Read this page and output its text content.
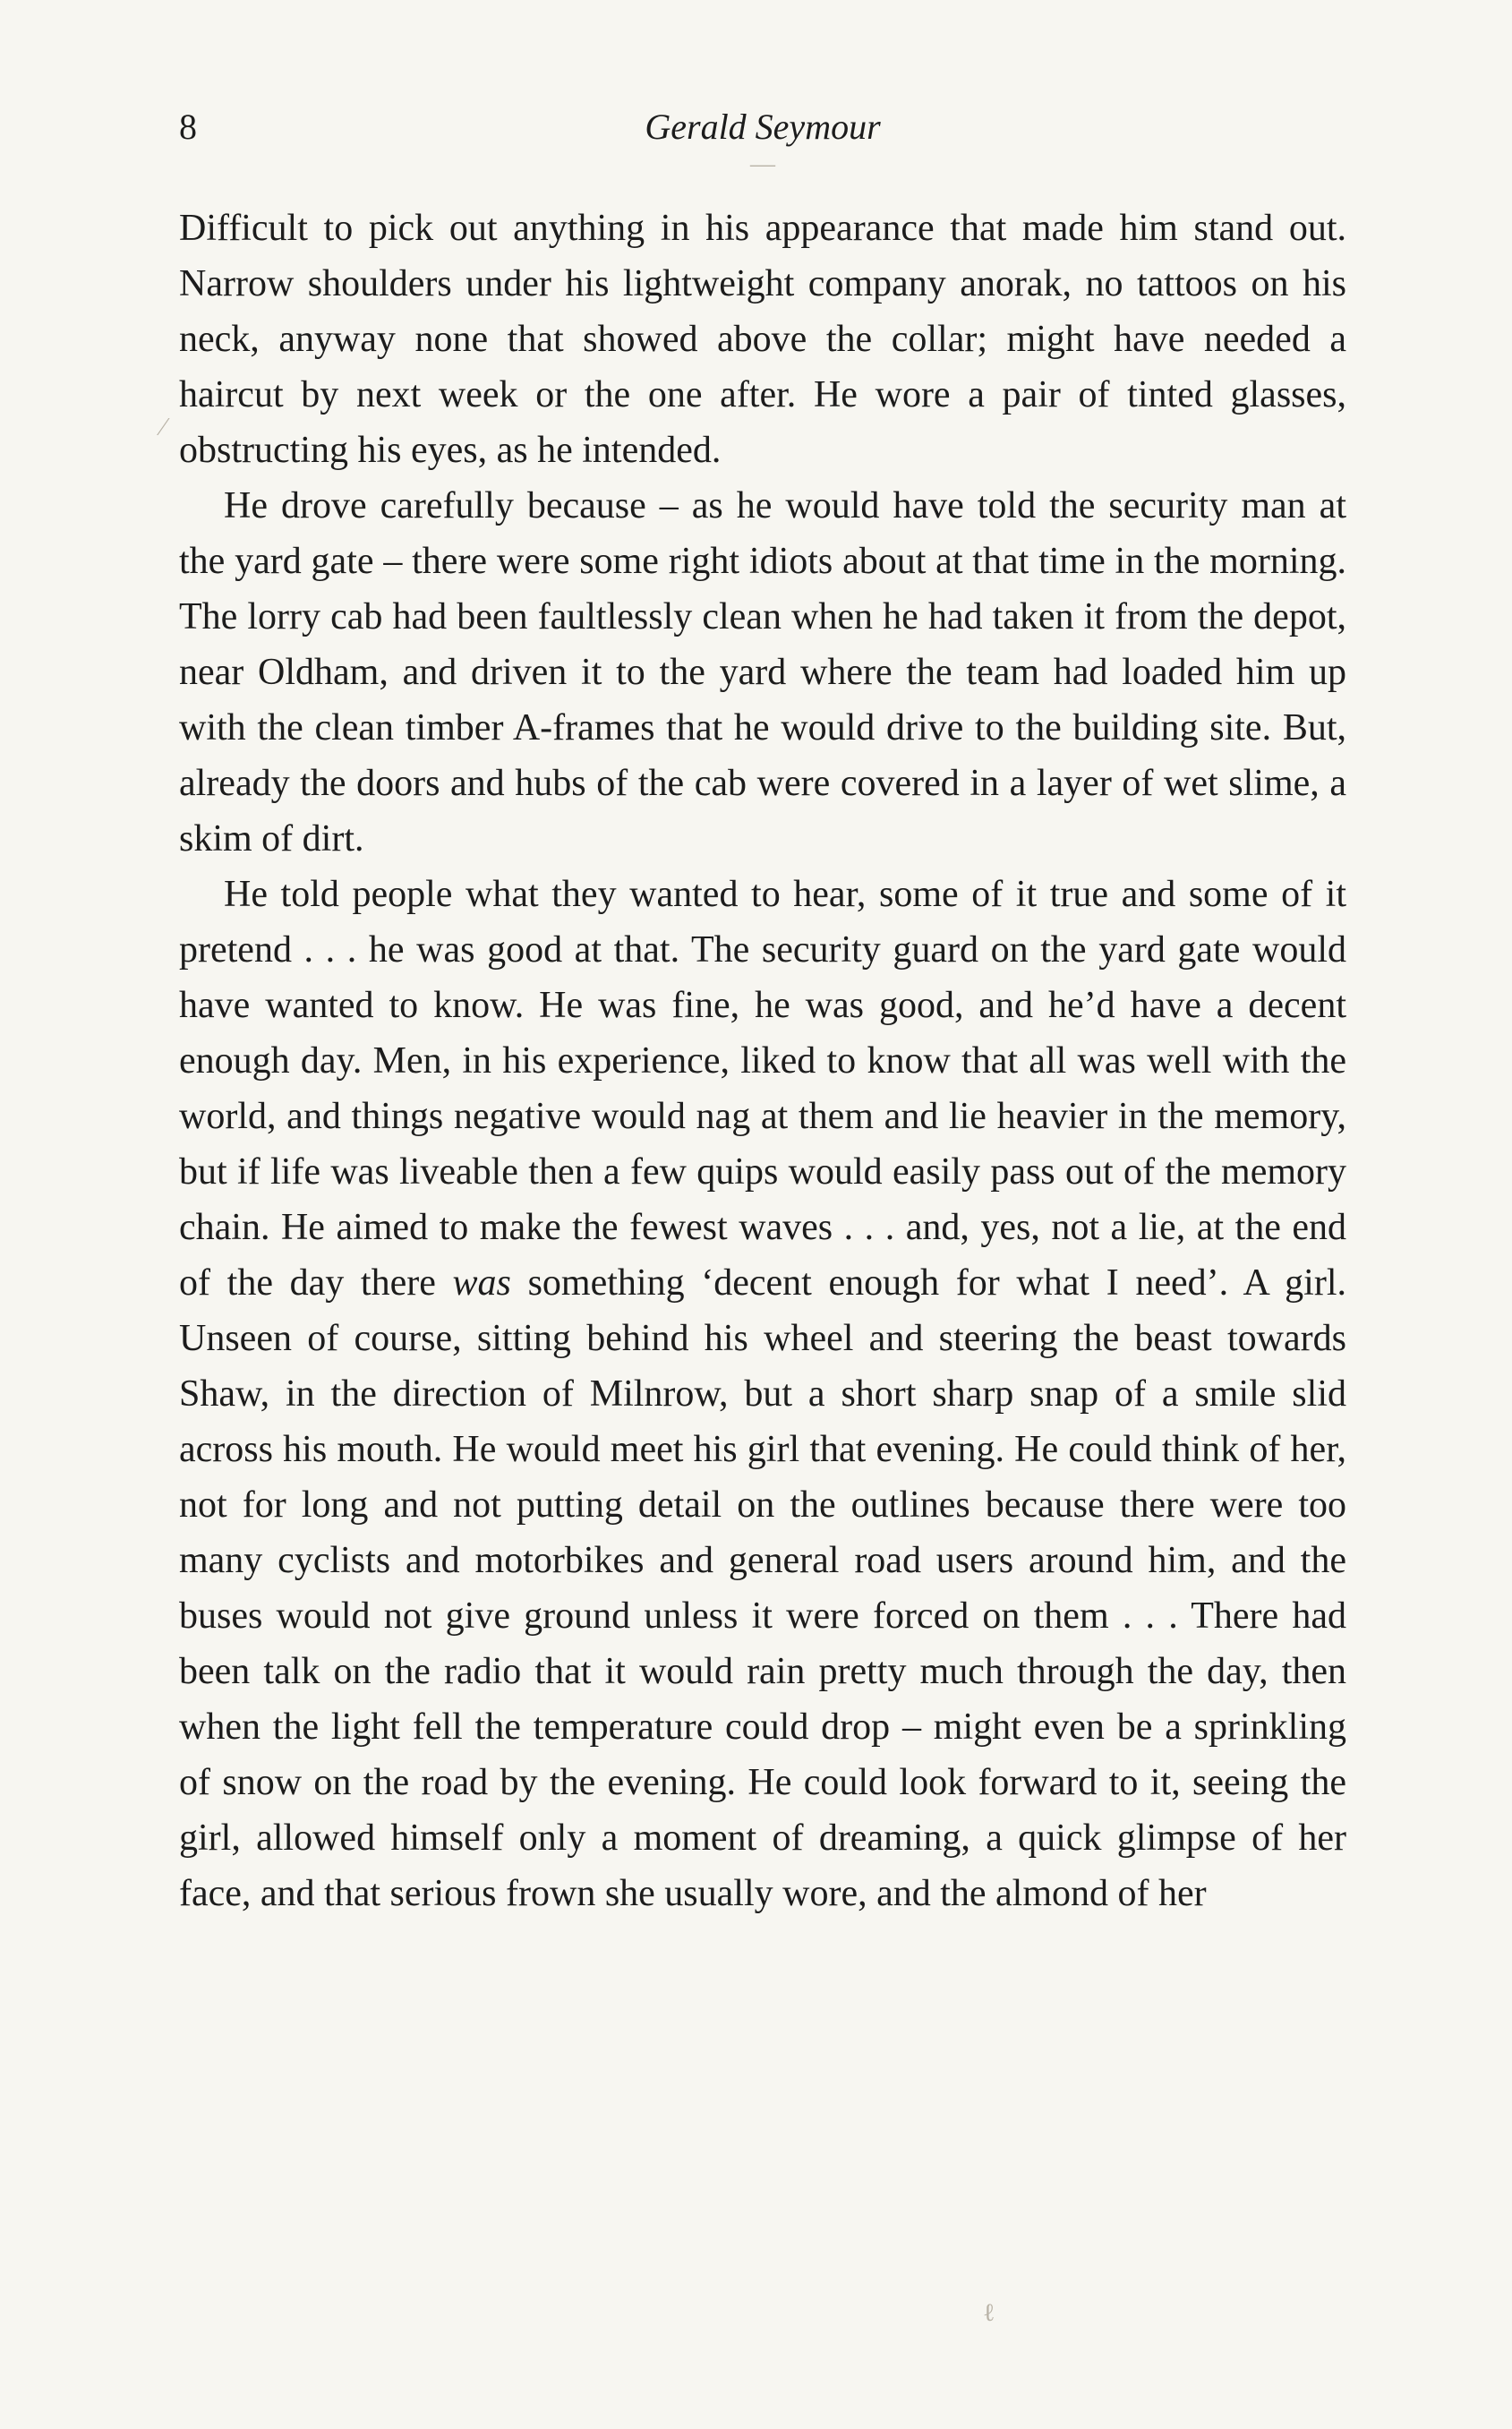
8	Gerald Seymour

Difficult to pick out anything in his appearance that made him stand out. Narrow shoulders under his lightweight company anorak, no tattoos on his neck, anyway none that showed above the collar; might have needed a haircut by next week or the one after. He wore a pair of tinted glasses, obstructing his eyes, as he intended.

He drove carefully because – as he would have told the security man at the yard gate – there were some right idiots about at that time in the morning. The lorry cab had been faultlessly clean when he had taken it from the depot, near Oldham, and driven it to the yard where the team had loaded him up with the clean timber A-frames that he would drive to the building site. But, already the doors and hubs of the cab were covered in a layer of wet slime, a skim of dirt.

He told people what they wanted to hear, some of it true and some of it pretend . . . he was good at that. The security guard on the yard gate would have wanted to know. He was fine, he was good, and he’d have a decent enough day. Men, in his experience, liked to know that all was well with the world, and things negative would nag at them and lie heavier in the memory, but if life was liveable then a few quips would easily pass out of the memory chain. He aimed to make the fewest waves . . . and, yes, not a lie, at the end of the day there was something ‘decent enough for what I need’. A girl. Unseen of course, sitting behind his wheel and steering the beast towards Shaw, in the direction of Milnrow, but a short sharp snap of a smile slid across his mouth. He would meet his girl that evening. He could think of her, not for long and not putting detail on the outlines because there were too many cyclists and motorbikes and general road users around him, and the buses would not give ground unless it were forced on them . . . There had been talk on the radio that it would rain pretty much through the day, then when the light fell the temperature could drop – might even be a sprinkling of snow on the road by the evening. He could look forward to it, seeing the girl, allowed himself only a moment of dreaming, a quick glimpse of her face, and that serious frown she usually wore, and the almond of her

—
⁄
ℓ
